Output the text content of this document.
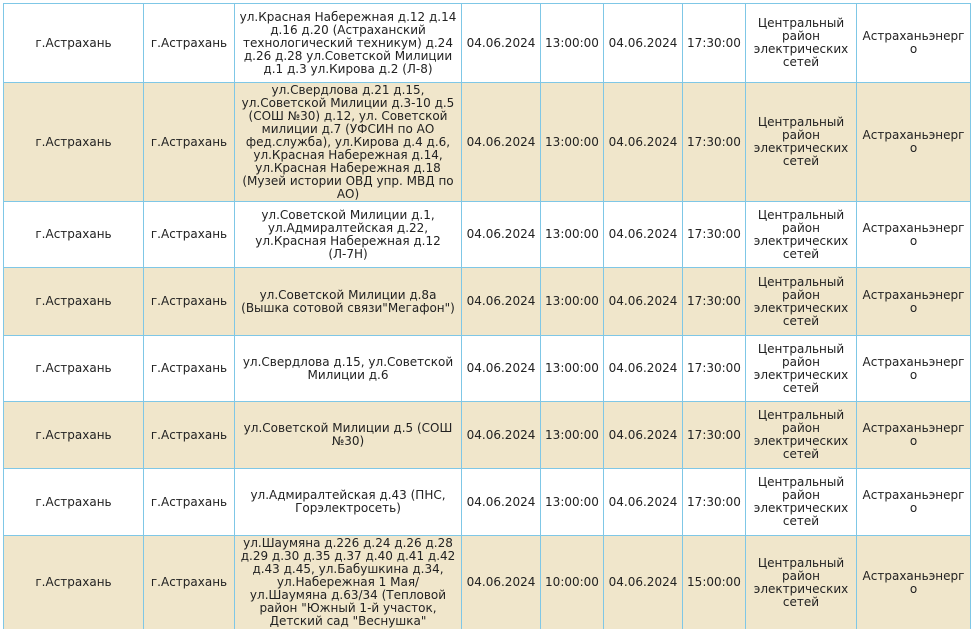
г.Астрахань	г.Астрахань	ул.Красная Набережная д.12 д.14 д.16 д.20 (Астраханский технологический техникум) д.24 д.26 д.28 ул.Советской Милиции д.1 д.3 ул.Кирова д.2 (Л-8)	04.06.2024	13:00:00	04.06.2024	17:30:00	Центральный район электрических сетей	Астраханьэнерго
г.Астрахань	г.Астрахань	ул.Свердлова д.21 д.15, ул.Советской Милиции д.3-10 д.5 (СОШ №30) д.12, ул. Советской милиции д.7 (УФСИН по АО фед.служба), ул.Кирова д.4 д.6, ул.Красная Набережная д.14, ул.Красная Набережная д.18 (Музей истории ОВД упр. МВД по АО)	04.06.2024	13:00:00	04.06.2024	17:30:00	Центральный район электрических сетей	Астраханьэнерго
г.Астрахань	г.Астрахань	ул.Советской Милиции д.1, ул.Адмиралтейская д.22, ул.Красная Набережная д.12 (Л-7Н)	04.06.2024	13:00:00	04.06.2024	17:30:00	Центральный район электрических сетей	Астраханьэнерго
г.Астрахань	г.Астрахань	ул.Советской Милиции д.8а (Вышка сотовой связи"Мегафон")	04.06.2024	13:00:00	04.06.2024	17:30:00	Центральный район электрических сетей	Астраханьэнерго
г.Астрахань	г.Астрахань	ул.Свердлова д.15, ул.Советской Милиции д.6	04.06.2024	13:00:00	04.06.2024	17:30:00	Центральный район электрических сетей	Астраханьэнерго
г.Астрахань	г.Астрахань	ул.Советской Милиции д.5 (СОШ №30)	04.06.2024	13:00:00	04.06.2024	17:30:00	Центральный район электрических сетей	Астраханьэнерго
г.Астрахань	г.Астрахань	ул.Адмиралтейская д.43 (ПНС, Горэлектросеть)	04.06.2024	13:00:00	04.06.2024	17:30:00	Центральный район электрических сетей	Астраханьэнерго
г.Астрахань	г.Астрахань	ул.Шаумяна д.226 д.24 д.26 д.28 д.29 д.30 д.35 д.37 д.40 д.41 д.42 д.43 д.45, ул.Бабушкина д.34, ул.Набережная 1 Мая/ ул.Шаумяна д.63/34 (Тепловой район "Южный 1-й участок, Детский сад "Веснушка"	04.06.2024	10:00:00	04.06.2024	15:00:00	Центральный район электрических сетей	Астраханьэнерго
